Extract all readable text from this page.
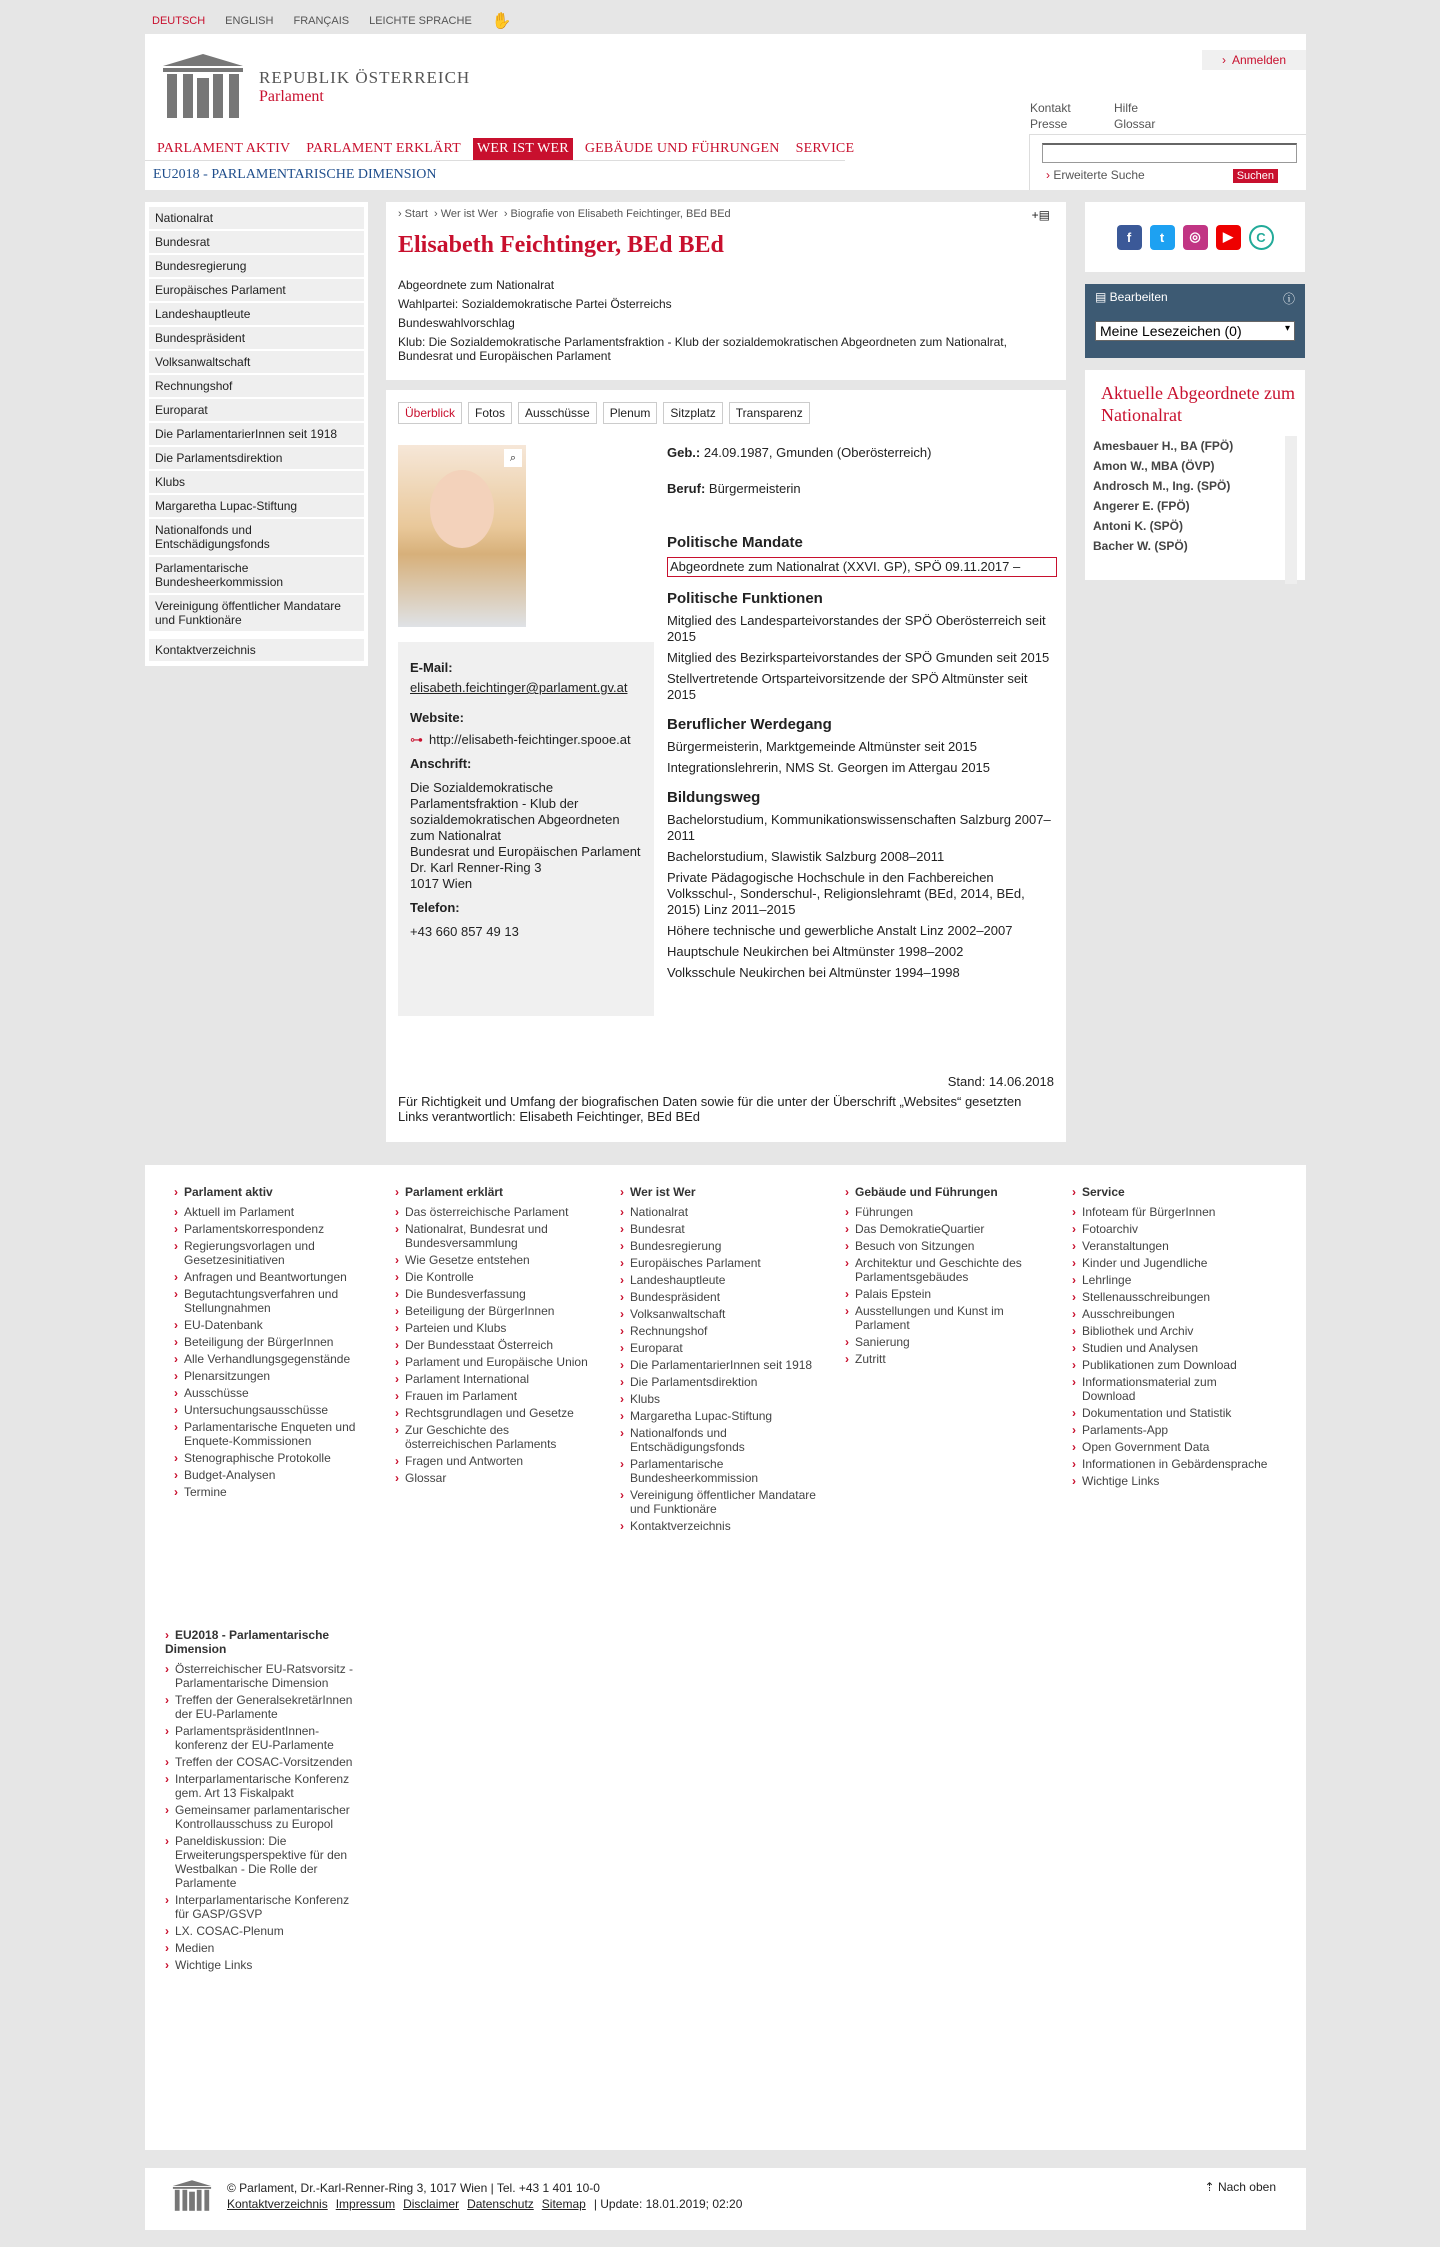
DEUTSCH ENGLISH FRANÇAIS LEICHTE SPRACHE ✋
REPUBLIK ÖSTERREICH
Parlament
› Anmelden
Kontakt	Hilfe
Presse	Glossar
PARLAMENT AKTIV PARLAMENT ERKLÄRT WER IST WER GEBÄUDE UND FÜHRUNGEN SERVICE
EU2018 - PARLAMENTARISCHE DIMENSION	› Erweiterte Suche	Suchen
Nationalrat
Bundesrat
Bundesregierung
Europäisches Parlament
Landeshauptleute
Bundespräsident
Volksanwaltschaft
Rechnungshof
Europarat
Die ParlamentarierInnen seit 1918
Die Parlamentsdirektion
Klubs
Margaretha Lupac-Stiftung
Nationalfonds und Entschädigungsfonds
Parlamentarische Bundesheerkommission
Vereinigung öffentlicher Mandatare und Funktionäre
Kontaktverzeichnis
› Start › Wer ist Wer › Biografie von Elisabeth Feichtinger, BEd BEd	+▤
Elisabeth Feichtinger, BEd BEd
Abgeordnete zum Nationalrat
Wahlpartei: Sozialdemokratische Partei Österreichs
Bundeswahlvorschlag
Klub: Die Sozialdemokratische Parlamentsfraktion - Klub der sozialdemokratischen Abgeordneten zum Nationalrat, Bundesrat und Europäischen Parlament
Überblick	Fotos	Ausschüsse	Plenum	Sitzplatz	Transparenz
⌕
E-Mail:
elisabeth.feichtinger@parlament.gv.at
Website:
⊶ http://elisabeth-feichtinger.spooe.at
Anschrift:
Die Sozialdemokratische Parlamentsfraktion - Klub der sozialdemokratischen Abgeordneten zum Nationalrat
Bundesrat und Europäischen Parlament
Dr. Karl Renner-Ring 3
1017 Wien
Telefon:
+43 660 857 49 13

Geb.: 24.09.1987, Gmunden (Oberösterreich)

Beruf: Bürgermeisterin

Politische Mandate

Abgeordnete zum Nationalrat (XXVI. GP), SPÖ 09.11.2017 –

Politische Funktionen

Mitglied des Landesparteivorstandes der SPÖ Oberösterreich seit 2015

Mitglied des Bezirksparteivorstandes der SPÖ Gmunden seit 2015

Stellvertretende Ortsparteivorsitzende der SPÖ Altmünster seit 2015

Beruflicher Werdegang

Bürgermeisterin, Marktgemeinde Altmünster seit 2015

Integrationslehrerin, NMS St. Georgen im Attergau 2015

Bildungsweg

Bachelorstudium, Kommunikationswissenschaften Salzburg 2007–2011

Bachelorstudium, Slawistik Salzburg 2008–2011

Private Pädagogische Hochschule in den Fachbereichen Volksschul-, Sonderschul-, Religionslehramt (BEd, 2014, BEd, 2015) Linz 2011–2015

Höhere technische und gewerbliche Anstalt Linz 2002–2007

Hauptschule Neukirchen bei Altmünster 1998–2002

Volksschule Neukirchen bei Altmünster 1994–1998

Stand: 14.06.2018
Für Richtigkeit und Umfang der biografischen Daten sowie für die unter der Überschrift „Websites“ gesetzten Links verantwortlich: Elisabeth Feichtinger, BEd BEd
f	t	◎	▶	C
▤ Bearbeiten	ⓘ
Meine Lesezeichen (0)	▾
Aktuelle Abgeordnete zum Nationalrat
Amesbauer H., BA (FPÖ)
Amon W., MBA (ÖVP)
Androsch M., Ing. (SPÖ)
Angerer E. (FPÖ)
Antoni K. (SPÖ)
Bacher W. (SPÖ)
› Parlament aktiv
› Aktuell im Parlament
› Parlamentskorrespondenz
› Regierungsvorlagen und Gesetzesinitiativen
› Anfragen und Beantwortungen
› Begutachtungsverfahren und Stellungnahmen
› EU-Datenbank
› Beteiligung der BürgerInnen
› Alle Verhandlungsgegenstände
› Plenarsitzungen
› Ausschüsse
› Untersuchungsausschüsse
› Parlamentarische Enqueten und Enquete-Kommissionen
› Stenographische Protokolle
› Budget-Analysen
› Termine
› Parlament erklärt
› Das österreichische Parlament
› Nationalrat, Bundesrat und Bundesversammlung
› Wie Gesetze entstehen
› Die Kontrolle
› Die Bundesverfassung
› Beteiligung der BürgerInnen
› Parteien und Klubs
› Der Bundesstaat Österreich
› Parlament und Europäische Union
› Parlament International
› Frauen im Parlament
› Rechtsgrundlagen und Gesetze
› Zur Geschichte des österreichischen Parlaments
› Fragen und Antworten
› Glossar
› Wer ist Wer
› Nationalrat
› Bundesrat
› Bundesregierung
› Europäisches Parlament
› Landeshauptleute
› Bundespräsident
› Volksanwaltschaft
› Rechnungshof
› Europarat
› Die ParlamentarierInnen seit 1918
› Die Parlamentsdirektion
› Klubs
› Margaretha Lupac-Stiftung
› Nationalfonds und Entschädigungsfonds
› Parlamentarische Bundesheerkommission
› Vereinigung öffentlicher Mandatare und Funktionäre
› Kontaktverzeichnis
› Gebäude und Führungen
› Führungen
› Das DemokratieQuartier
› Besuch von Sitzungen
› Architektur und Geschichte des Parlamentsgebäudes
› Palais Epstein
› Ausstellungen und Kunst im Parlament
› Sanierung
› Zutritt
› Service
› Infoteam für BürgerInnen
› Fotoarchiv
› Veranstaltungen
› Kinder und Jugendliche
› Lehrlinge
› Stellenausschreibungen
› Ausschreibungen
› Bibliothek und Archiv
› Studien und Analysen
› Publikationen zum Download
› Informationsmaterial zum Download
› Dokumentation und Statistik
› Parlaments-App
› Open Government Data
› Informationen in Gebärdensprache
› Wichtige Links
› EU2018 - Parlamentarische Dimension
› Österreichischer EU-Ratsvorsitz - Parlamentarische Dimension
› Treffen der GeneralsekretärInnen der EU-Parlamente
› ParlamentspräsidentInnen-konferenz der EU-Parlamente
› Treffen der COSAC-Vorsitzenden
› Interparlamentarische Konferenz gem. Art 13 Fiskalpakt
› Gemeinsamer parlamentarischer Kontrollausschuss zu Europol
› Paneldiskussion: Die Erweiterungsperspektive für den Westbalkan - Die Rolle der Parlamente
› Interparlamentarische Konferenz für GASP/GSVP
› LX. COSAC-Plenum
› Medien
› Wichtige Links
© Parlament, Dr.-Karl-Renner-Ring 3, 1017 Wien | Tel. +43 1 401 10-0
Kontaktverzeichnis Impressum Disclaimer Datenschutz Sitemap | Update: 18.01.2019; 02:20
⇡ Nach oben
